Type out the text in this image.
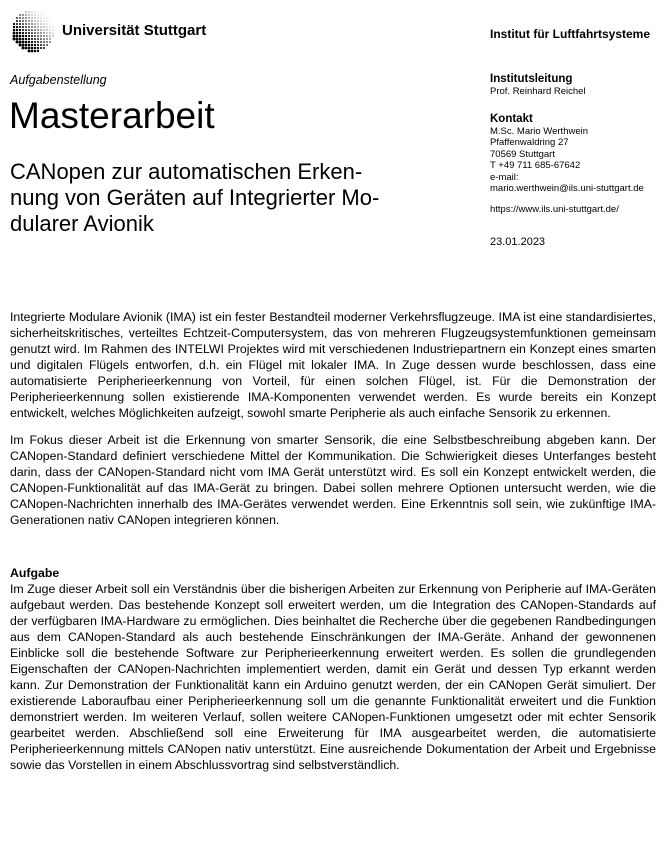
Universität Stuttgart	Institut für Luftfahrtsysteme
Aufgabenstellung
Masterarbeit
CANopen zur automatischen Erken-
nung von Geräten auf Integrierter Mo-
dularer Avionik
Institutsleitung
Prof. Reinhard Reichel
Kontakt
M.Sc. Mario Werthwein
Pfaffenwaldring 27
70569 Stuttgart
T +49 711 685-67642
e-mail:
mario.werthwein@ils.uni-stuttgart.de
https://www.ils.uni-stuttgart.de/
23.01.2023

Integrierte Modulare Avionik (IMA) ist ein fester Bestandteil moderner Verkehrsflugzeuge. IMA ist eine standardisiertes, sicherheitskritisches, verteiltes Echtzeit-Computersystem, das von mehreren Flugzeugsystemfunktionen gemeinsam genutzt wird. Im Rahmen des INTELWI Projektes wird mit verschiedenen Industriepartnern ein Konzept eines smarten und digitalen Flügels entworfen, d.h. ein Flügel mit lokaler IMA. In Zuge dessen wurde beschlossen, dass eine automatisierte Peripherieerkennung von Vorteil, für einen solchen Flügel, ist. Für die Demonstration der Peripherieerkennung sollen existierende IMA-Komponenten verwendet werden. Es wurde bereits ein Konzept entwickelt, welches Möglichkeiten aufzeigt, sowohl smarte Peripherie als auch einfache Sensorik zu erkennen.

Im Fokus dieser Arbeit ist die Erkennung von smarter Sensorik, die eine Selbstbeschreibung abgeben kann. Der CANopen-Standard definiert verschiedene Mittel der Kommunikation. Die Schwierigkeit dieses Unterfanges besteht darin, dass der CANopen-Standard nicht vom IMA Gerät unterstützt wird. Es soll ein Konzept entwickelt werden, die CANopen-Funktionalität auf das IMA-Gerät zu bringen. Dabei sollen mehrere Optionen untersucht werden, wie die CANopen-Nachrichten innerhalb des IMA-Gerätes verwendet werden. Eine Erkenntnis soll sein, wie zukünftige IMA-Generationen nativ CANopen integrieren können.

Aufgabe

Im Zuge dieser Arbeit soll ein Verständnis über die bisherigen Arbeiten zur Erkennung von Peripherie auf IMA-Geräten aufgebaut werden. Das bestehende Konzept soll erweitert werden, um die Integration des CANopen-Standards auf der verfügbaren IMA-Hardware zu ermöglichen. Dies beinhaltet die Recherche über die gegebenen Randbedingungen aus dem CANopen-Standard als auch bestehende Einschränkungen der IMA-Geräte. Anhand der gewonnenen Einblicke soll die bestehende Software zur Peripherieerkennung erweitert werden. Es sollen die grundlegenden Eigenschaften der CANopen-Nachrichten implementiert werden, damit ein Gerät und dessen Typ erkannt werden kann. Zur Demonstration der Funktionalität kann ein Arduino genutzt werden, der ein CANopen Gerät simuliert. Der existierende Laboraufbau einer Peripherieerkennung soll um die genannte Funktionalität erweitert und die Funktion demonstriert werden. Im weiteren Verlauf, sollen weitere CANopen-Funktionen umgesetzt oder mit echter Sensorik gearbeitet werden. Abschließend soll eine Erweiterung für IMA ausgearbeitet werden, die automatisierte Peripherieerkennung mittels CANopen nativ unterstützt. Eine ausreichende Dokumentation der Arbeit und Ergebnisse sowie das Vorstellen in einem Abschlussvortrag sind selbstverständlich.
